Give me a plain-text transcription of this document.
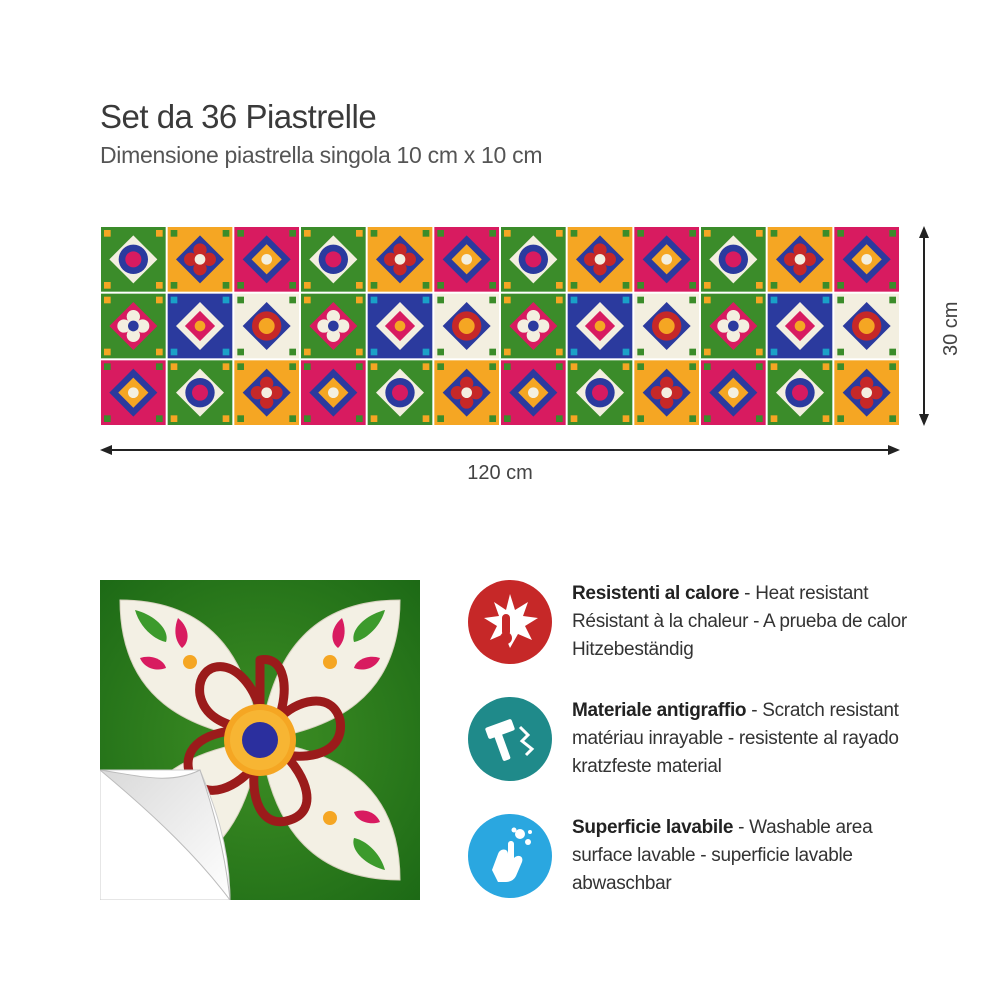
Set da 36 Piastrelle
Dimensione piastrella singola 10 cm x 10 cm
120 cm
30 cm
Resistenti al calore - Heat resistant
Résistant à la chaleur - A prueba de calor
Hitzebeständig
Materiale antigraffio - Scratch resistant
matériau inrayable - resistente al rayado
kratzfeste material
Superficie lavabile - Washable area
surface lavable - superficie lavable
abwaschbar
